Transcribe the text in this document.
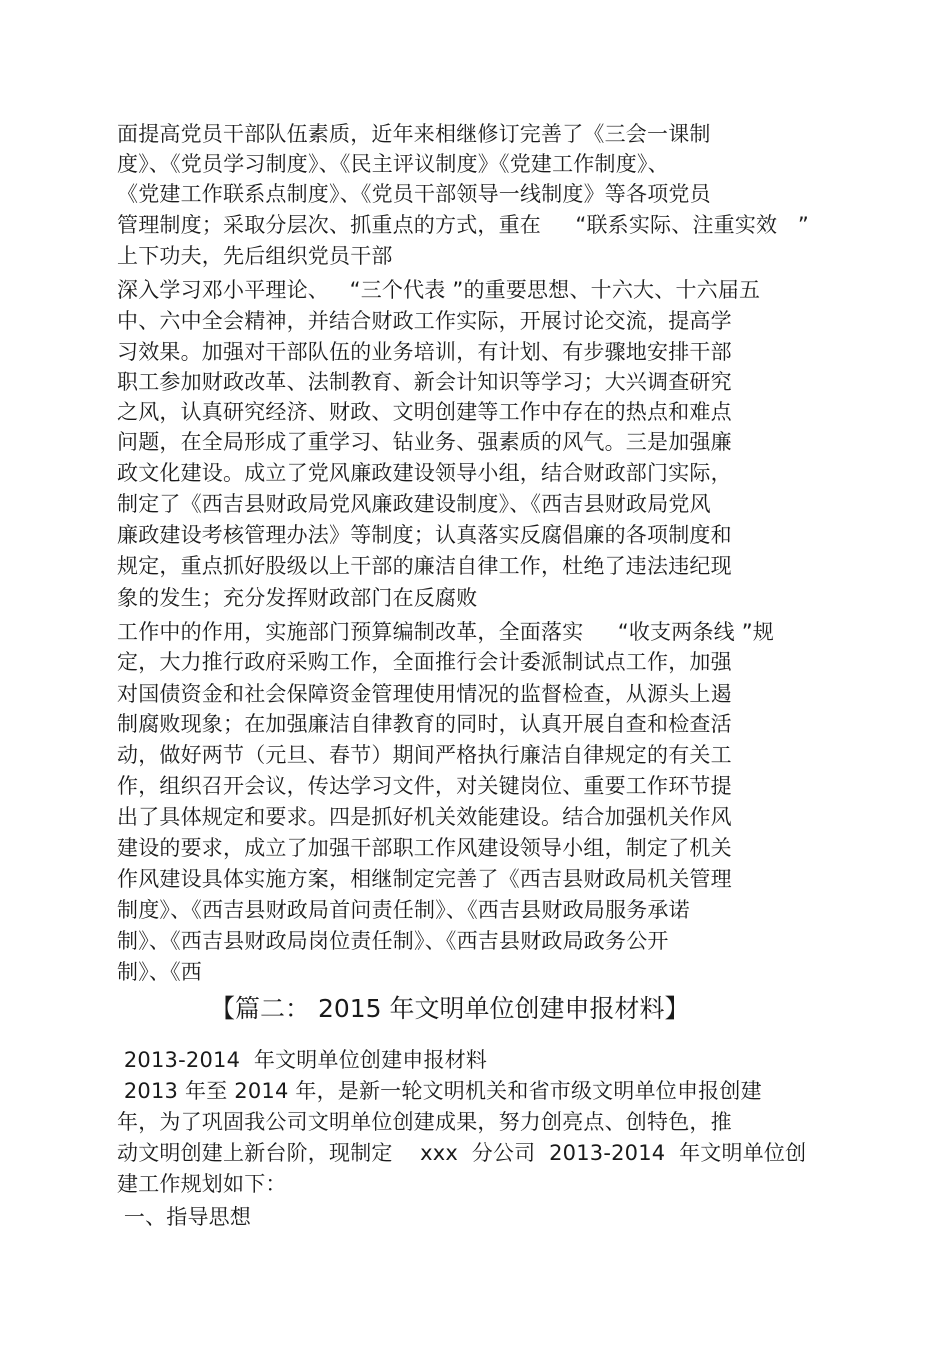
面提高党员干部队伍素质，近年来相继修订完善了《三会一课制
度》、《党员学习制度》、《民主评议制度》《党建工作制度》、
《党建工作联系点制度》、《党员干部领导一线制度》等各项党员
管理制度；采取分层次、抓重点的方式，重在     “联系实际、注重实效   ”
上下功夫，先后组织党员干部
深入学习邓小平理论、   “三个代表 ”的重要思想、十六大、十六届五
中、六中全会精神，并结合财政工作实际，开展讨论交流，提高学
习效果。加强对干部队伍的业务培训，有计划、有步骤地安排干部
职工参加财政改革、法制教育、新会计知识等学习；大兴调查研究
之风，认真研究经济、财政、文明创建等工作中存在的热点和难点
问题，在全局形成了重学习、钻业务、强素质的风气。三是加强廉
政文化建设。成立了党风廉政建设领导小组，结合财政部门实际，
制定了《西吉县财政局党风廉政建设制度》、《西吉县财政局党风
廉政建设考核管理办法》等制度；认真落实反腐倡廉的各项制度和
规定，重点抓好股级以上干部的廉洁自律工作，杜绝了违法违纪现
象的发生；充分发挥财政部门在反腐败
工作中的作用，实施部门预算编制改革，全面落实     “收支两条线 ”规
定，大力推行政府采购工作，全面推行会计委派制试点工作，加强
对国债资金和社会保障资金管理使用情况的监督检查，从源头上遏
制腐败现象；在加强廉洁自律教育的同时，认真开展自查和检查活
动，做好两节（元旦、春节）期间严格执行廉洁自律规定的有关工
作，组织召开会议，传达学习文件，对关键岗位、重要工作环节提
出了具体规定和要求。四是抓好机关效能建设。结合加强机关作风
建设的要求，成立了加强干部职工作风建设领导小组，制定了机关
作风建设具体实施方案，相继制定完善了《西吉县财政局机关管理
制度》、《西吉县财政局首问责任制》、《西吉县财政局服务承诺
制》、《西吉县财政局岗位责任制》、《西吉县财政局政务公开
制》、《西
【篇二： 2015 年文明单位创建申报材料】
2013-2014  年文明单位创建申报材料
2013 年至 2014 年，是新一轮文明机关和省市级文明单位申报创建
年，为了巩固我公司文明单位创建成果，努力创亮点、创特色，推
动文明创建上新台阶，现制定    xxx  分公司  2013-2014  年文明单位创
建工作规划如下：
一、指导思想
